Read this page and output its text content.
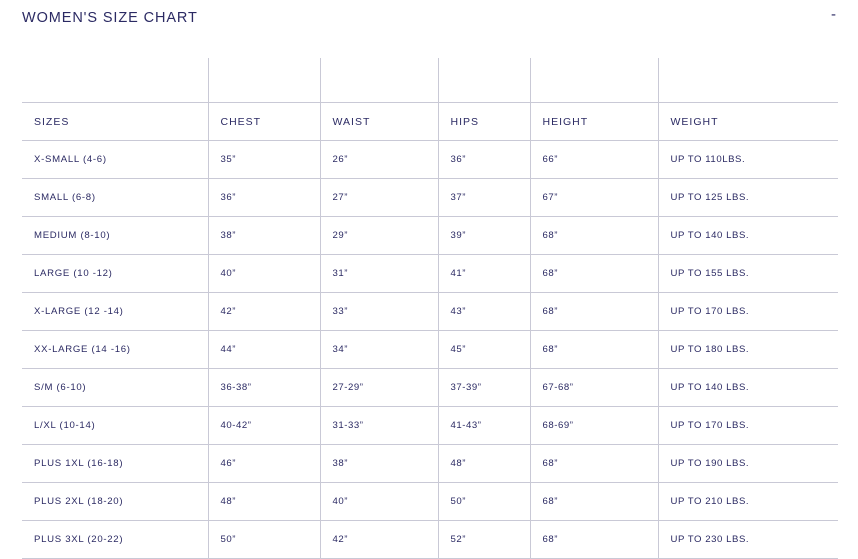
WOMEN'S SIZE CHART	-

SIZES	CHEST	WAIST	HIPS	HEIGHT	WEIGHT
X-SMALL (4-6)	35”	26”	36”	66”	UP TO 110LBS.
SMALL (6-8)	36”	27”	37”	67”	UP TO 125 LBS.
MEDIUM (8-10)	38”	29”	39”	68”	UP TO 140 LBS.
LARGE (10 -12)	40”	31”	41”	68”	UP TO 155 LBS.
X-LARGE (12 -14)	42”	33”	43”	68”	UP TO 170 LBS.
XX-LARGE (14 -16)	44”	34”	45”	68”	UP TO 180 LBS.
S/M (6-10)	36-38”	27-29”	37-39”	67-68”	UP TO 140 LBS.
L/XL (10-14)	40-42”	31-33”	41-43”	68-69”	UP TO 170 LBS.
PLUS 1XL (16-18)	46”	38”	48”	68”	UP TO 190 LBS.
PLUS 2XL (18-20)	48”	40”	50”	68”	UP TO 210 LBS.
PLUS 3XL (20-22)	50”	42”	52”	68”	UP TO 230 LBS.
